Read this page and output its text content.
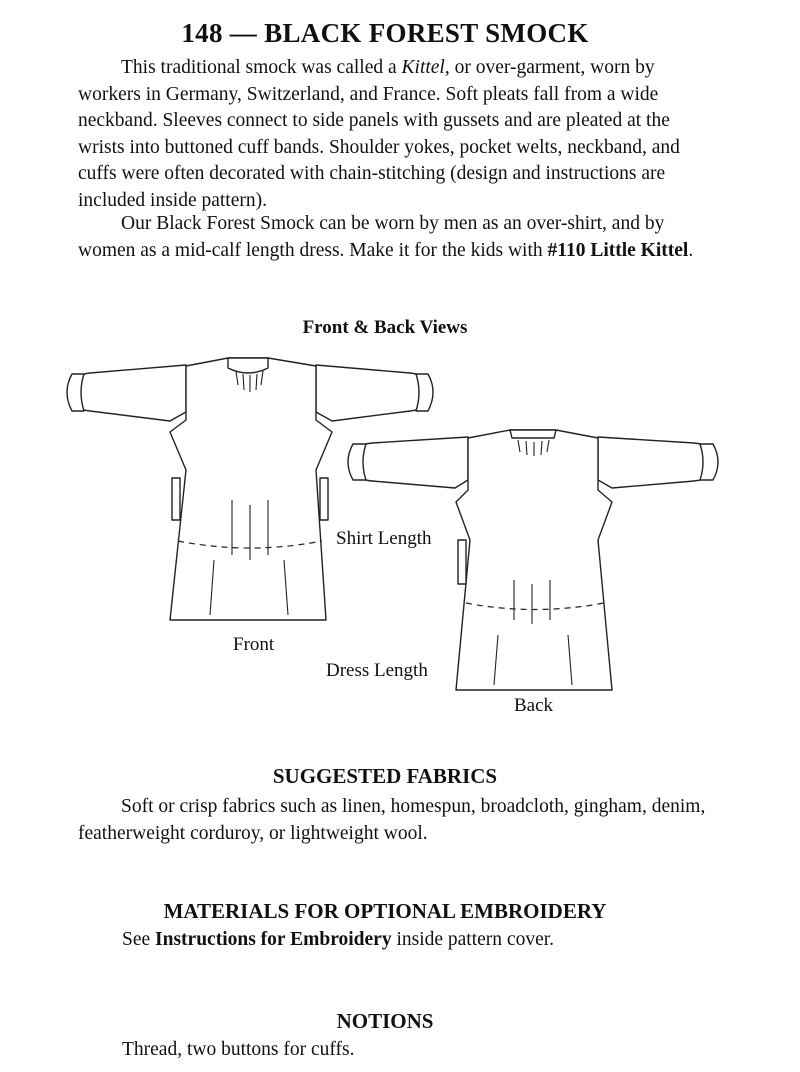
148 — BLACK FOREST SMOCK

This traditional smock was called a Kittel, or over-garment, worn by workers in Germany, Switzerland, and France. Soft pleats fall from a wide neckband. Sleeves connect to side panels with gussets and are pleated at the wrists into buttoned cuff bands. Shoulder yokes, pocket welts, neckband, and cuffs were often decorated with chain-stitching (design and instructions are included inside pattern).

Our Black Forest Smock can be worn by men as an over-shirt, and by women as a mid-calf length dress. Make it for the kids with #110 Little Kittel.

Front & Back Views
Shirt Length
Front
Dress Length
Back
SUGGESTED FABRICS

Soft or crisp fabrics such as linen, homespun, broadcloth, gingham, denim, featherweight corduroy, or lightweight wool.

MATERIALS FOR OPTIONAL EMBROIDERY

See Instructions for Embroidery inside pattern cover.

NOTIONS

Thread, two buttons for cuffs.
